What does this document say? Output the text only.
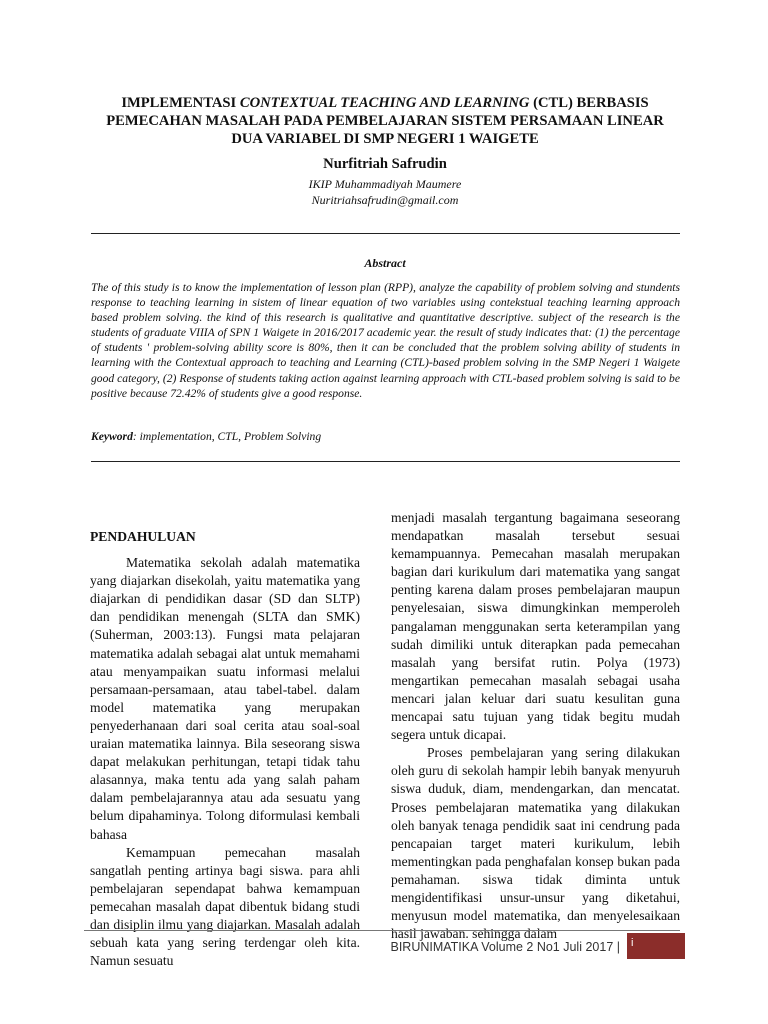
IMPLEMENTASI CONTEXTUAL TEACHING AND LEARNING (CTL) BERBASIS PEMECAHAN MASALAH PADA PEMBELAJARAN SISTEM PERSAMAAN LINEAR DUA VARIABEL DI SMP NEGERI 1 WAIGETE
Nurfitriah Safrudin
IKIP Muhammadiyah Maumere
Nuritriahsafrudin@gmail.com
Abstract
The of this study is to know the implementation of lesson plan (RPP), analyze the capability of problem solving and stundents response to teaching learning in sistem of linear equation of two variables using contekstual teaching learning approach based problem solving. the kind of this research is qualitative and quantitative descriptive. subject of the research is the students of graduate VIIIA of SPN 1 Waigete in 2016/2017 academic year. the result of study indicates that: (1) the percentage of students ' problem-solving ability score is 80%, then it can be concluded that the problem solving ability of students in learning with the Contextual approach to teaching and Learning (CTL)-based problem solving in the SMP Negeri 1 Waigete good category, (2) Response of students taking action against learning approach with CTL-based problem solving is said to be positive because 72.42% of students give a good response.
Keyword: implementation, CTL, Problem Solving
PENDAHULUAN

Matematika sekolah adalah matematika yang diajarkan disekolah, yaitu matematika yang diajarkan di pendidikan dasar (SD dan SLTP) dan pendidikan menengah (SLTA dan SMK) (Suherman, 2003:13). Fungsi mata pelajaran matematika adalah sebagai alat untuk memahami atau menyampaikan suatu informasi melalui persamaan-persamaan, atau tabel-tabel. dalam model matematika yang merupakan penyederhanaan dari soal cerita atau soal-soal uraian matematika lainnya. Bila seseorang siswa dapat melakukan perhitungan, tetapi tidak tahu alasannya, maka tentu ada yang salah paham dalam pembelajarannya atau ada sesuatu yang belum dipahaminya. Tolong diformulasi kembali bahasa

Kemampuan pemecahan masalah sangatlah penting artinya bagi siswa. para ahli pembelajaran sependapat bahwa kemampuan pemecahan masalah dapat dibentuk bidang studi dan disiplin ilmu yang diajarkan. Masalah adalah sebuah kata yang sering terdengar oleh kita. Namun sesuatu

menjadi masalah tergantung bagaimana seseorang mendapatkan masalah tersebut sesuai kemampuannya. Pemecahan masalah merupakan bagian dari kurikulum dari matematika yang sangat penting karena dalam proses pembelajaran maupun penyelesaian, siswa dimungkinkan memperoleh pangalaman menggunakan serta keterampilan yang sudah dimiliki untuk diterapkan pada pemecahan masalah yang bersifat rutin. Polya (1973) mengartikan pemecahan masalah sebagai usaha mencari jalan keluar dari suatu kesulitan guna mencapai satu tujuan yang tidak begitu mudah segera untuk dicapai.

Proses pembelajaran yang sering dilakukan oleh guru di sekolah hampir lebih banyak menyuruh siswa duduk, diam, mendengarkan, dan mencatat. Proses pembelajaran matematika yang dilakukan oleh banyak tenaga pendidik saat ini cendrung pada pencapaian target materi kurikulum, lebih mementingkan pada penghafalan konsep bukan pada pemahaman. siswa tidak diminta untuk mengidentifikasi unsur-unsur yang diketahui, menyusun model matematika, dan menyelesaikaan hasil jawaban. sehingga dalam

BIRUNIMATIKA Volume 2 No1 Juli 2017 | i
